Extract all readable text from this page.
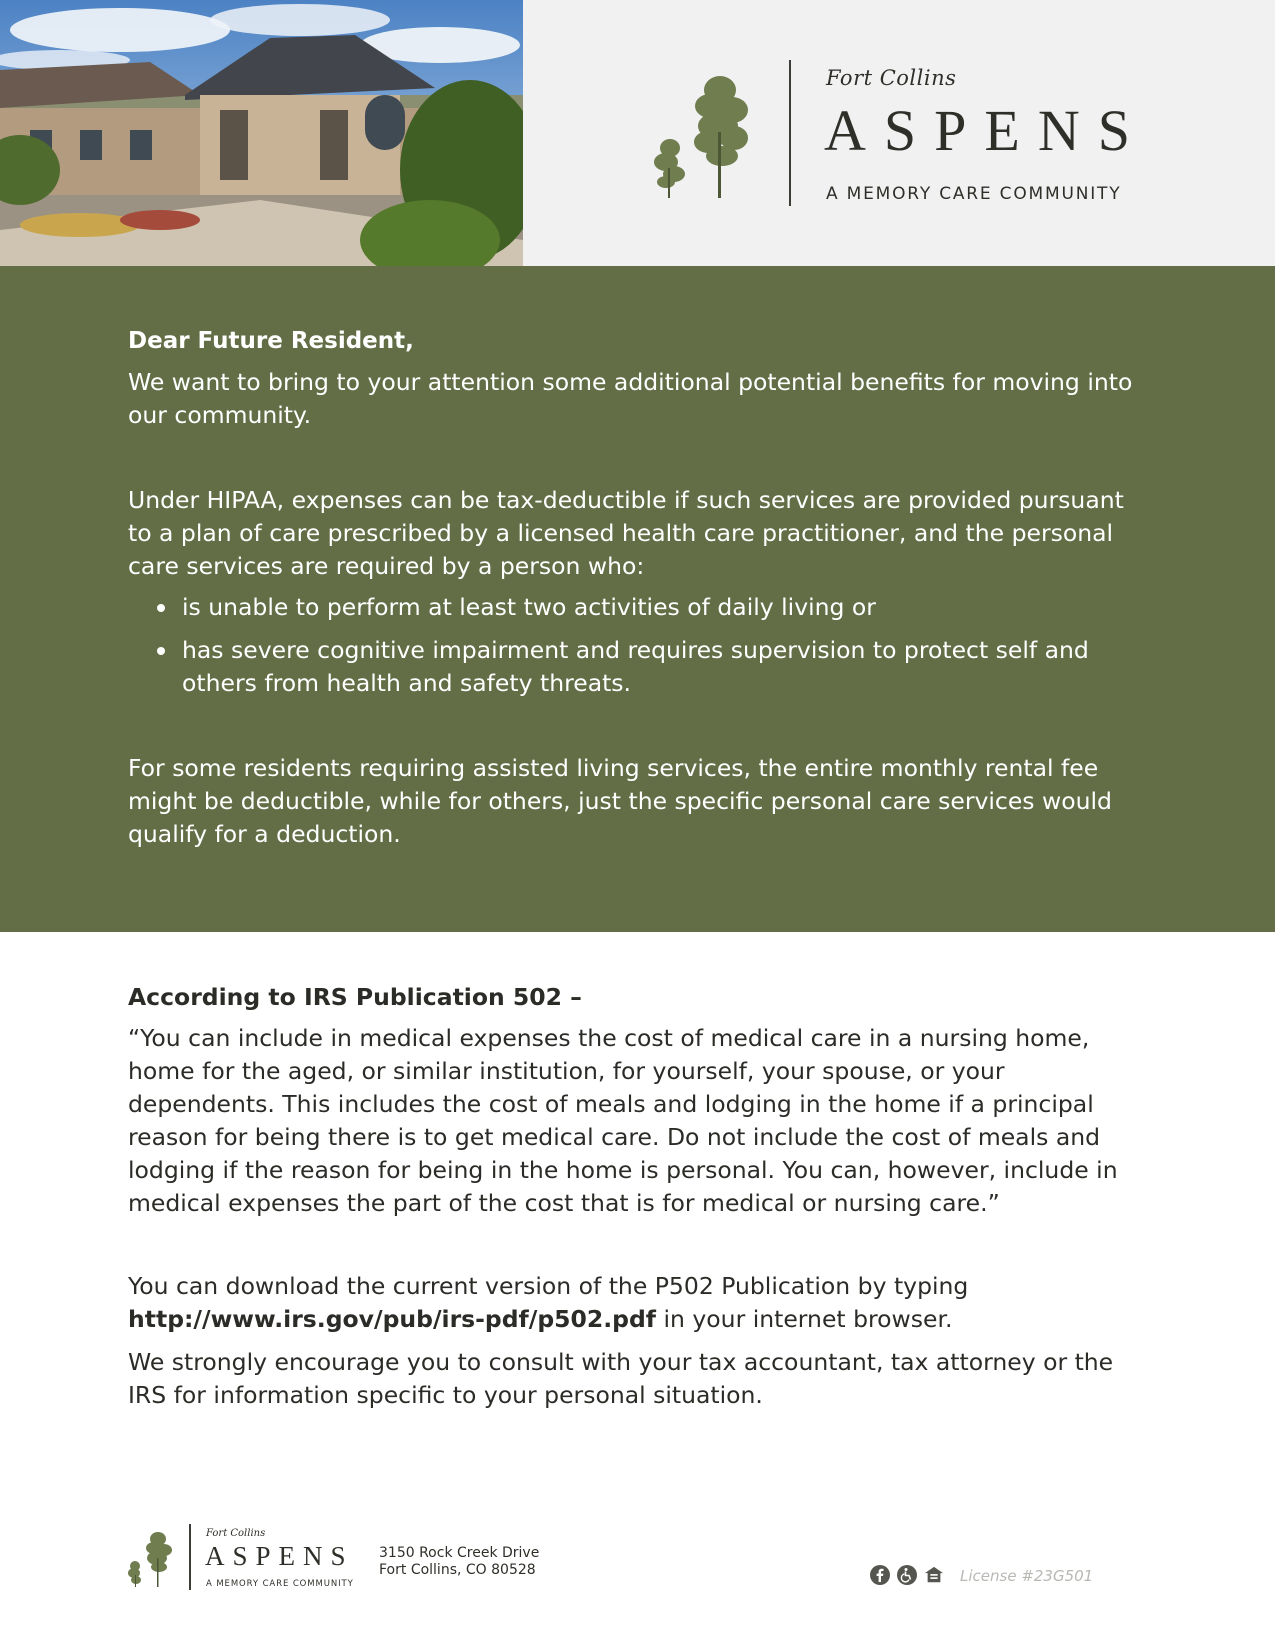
Fort Collins
ASPENS
A MEMORY CARE COMMUNITY
Dear Future Resident,

We want to bring to your attention some additional potential benefits for moving into our community.

Under HIPAA, expenses can be tax-deductible if such services are provided pursuant to a plan of care prescribed by a licensed health care practitioner, and the personal care services are required by a person who:

is unable to perform at least two activities of daily living or
has severe cognitive impairment and requires supervision to protect self and others from health and safety threats.

For some residents requiring assisted living services, the entire monthly rental fee might be deductible, while for others, just the specific personal care services would qualify for a deduction.

According to IRS Publication 502 –

“You can include in medical expenses the cost of medical care in a nursing home, home for the aged, or similar institution, for yourself, your spouse, or your dependents. This includes the cost of meals and lodging in the home if a principal reason for being there is to get medical care. Do not include the cost of meals and lodging if the reason for being in the home is personal. You can, however, include in medical expenses the part of the cost that is for medical or nursing care.”

You can download the current version of the P502 Publication by typing
http://www.irs.gov/pub/irs-pdf/p502.pdf in your internet browser.

We strongly encourage you to consult with your tax accountant, tax attorney or the IRS for information specific to your personal situation.

Fort Collins
ASPENS
A MEMORY CARE COMMUNITY
3150 Rock Creek Drive
Fort Collins, CO 80528	License #23G501
